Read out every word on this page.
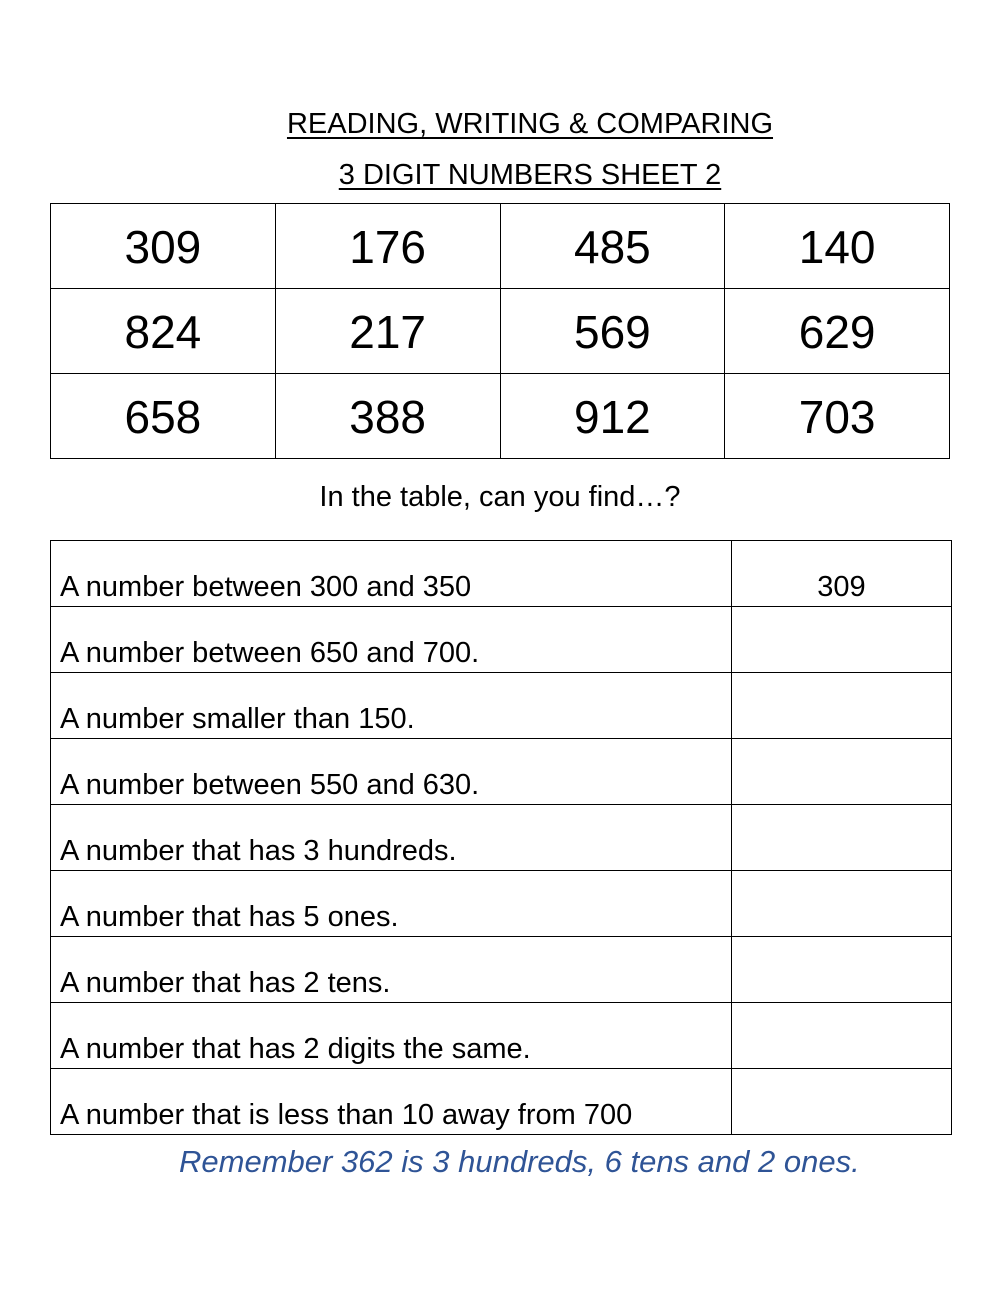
READING, WRITING & COMPARING
3 DIGIT NUMBERS SHEET 2
309	176	485	140
824	217	569	629
658	388	912	703
In the table, can you find…?
A number between 300 and 350	309
A number between 650 and 700.	
A number smaller than 150.	
A number between 550 and 630.	
A number that has 3 hundreds.	
A number that has 5 ones.	
A number that has 2 tens.	
A number that has 2 digits the same.	
A number that is less than 10 away from 700	
Remember 362 is 3 hundreds, 6 tens and 2 ones.
